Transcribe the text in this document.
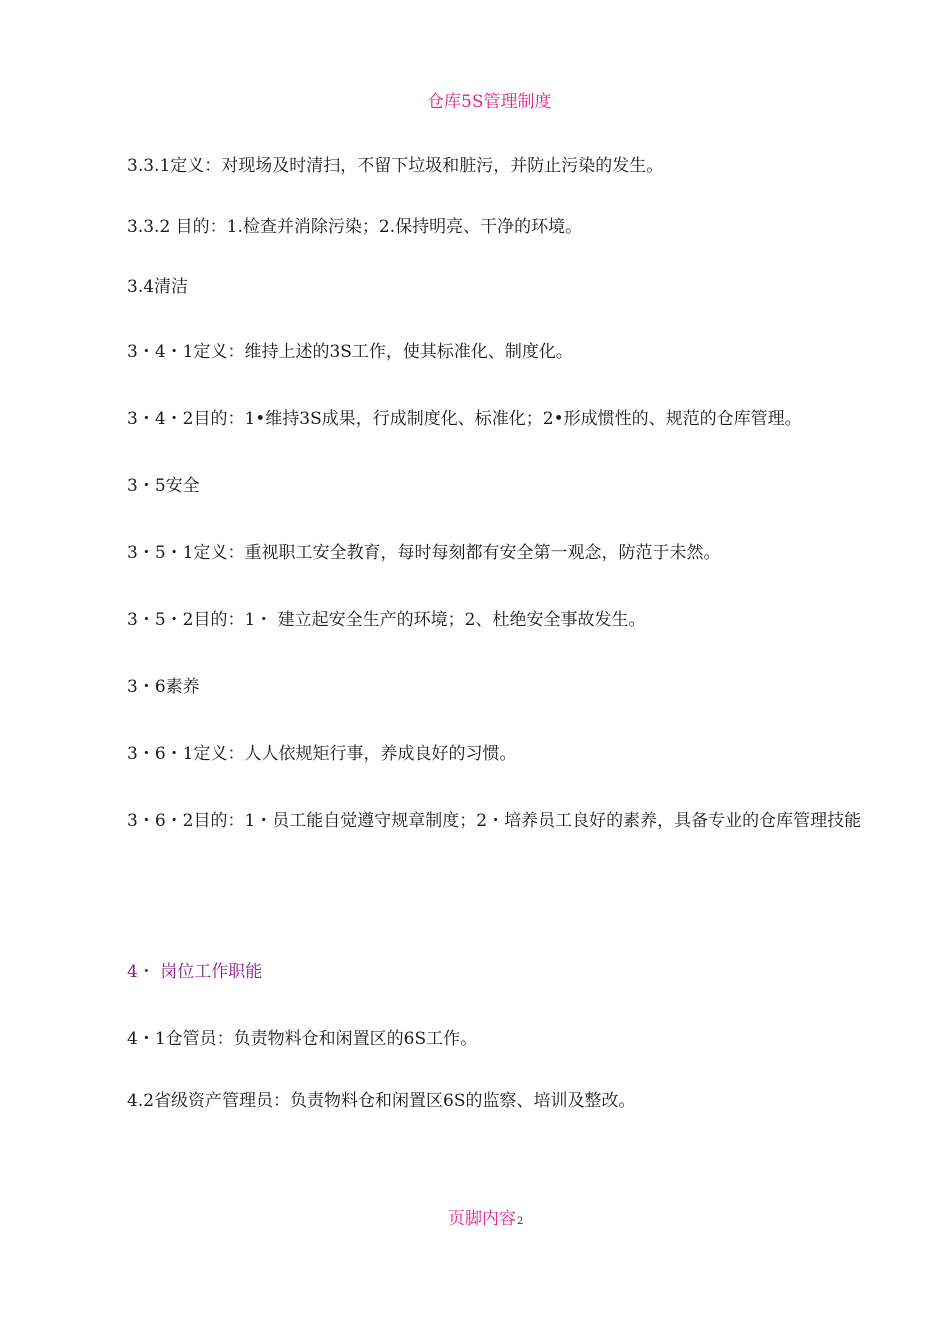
仓库5S管理制度
3.3.1定义：对现场及时清扫，不留下垃圾和脏污，并防止污染的发生。
3.3.2 目的：1.检查并消除污染；2.保持明亮、干净的环境。
3.4清洁
3・4・1定义：维持上述的3S工作，使其标准化、制度化。
3・4・2目的：1•维持3S成果，行成制度化、标准化；2•形成惯性的、规范的仓库管理。
3・5安全
3・5・1定义：重视职工安全教育，每时每刻都有安全第一观念，防范于未然。
3・5・2目的：1・ 建立起安全生产的环境；2、杜绝安全事故发生。
3・6素养
3・6・1定义：人人依规矩行事，养成良好的习惯。
3・6・2目的：1・员工能自觉遵守规章制度；2・培养员工良好的素养，具备专业的仓库管理技能
4・ 岗位工作职能
4・1仓管员：负责物料仓和闲置区的6S工作。
4.2省级资产管理员：负责物料仓和闲置区6S的监察、培训及整改。
页脚内容2
